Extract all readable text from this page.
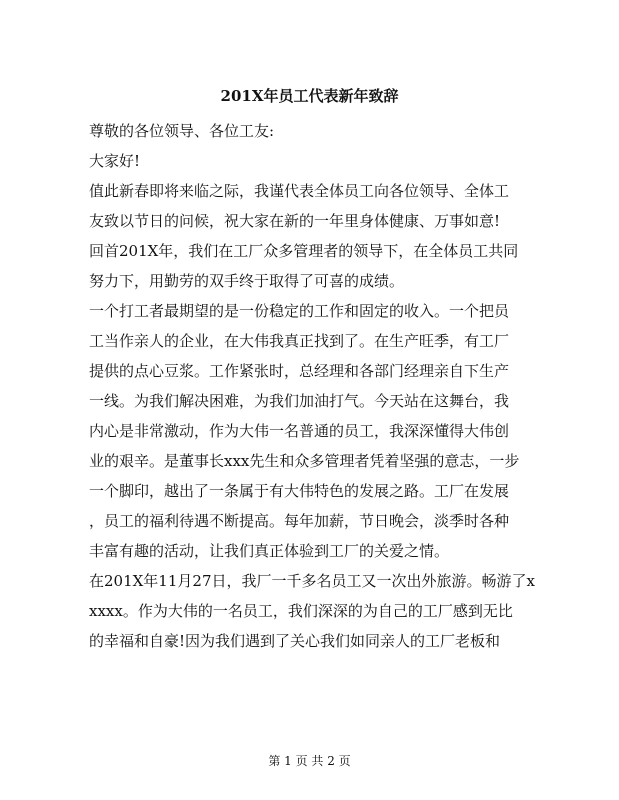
201X年员工代表新年致辞
尊敬的各位领导、各位工友:
大家好!
值此新春即将来临之际，我谨代表全体员工向各位领导、全体工
友致以节日的问候，祝大家在新的一年里身体健康、万事如意!
回首201X年，我们在工厂众多管理者的领导下，在全体员工共同
努力下，用勤劳的双手终于取得了可喜的成绩。
一个打工者最期望的是一份稳定的工作和固定的收入。一个把员
工当作亲人的企业，在大伟我真正找到了。在生产旺季，有工厂
提供的点心豆浆。工作紧张时，总经理和各部门经理亲自下生产
一线。为我们解决困难，为我们加油打气。今天站在这舞台，我
内心是非常激动，作为大伟一名普通的员工，我深深懂得大伟创
业的艰辛。是董事长xxx先生和众多管理者凭着坚强的意志，一步
一个脚印，越出了一条属于有大伟特色的发展之路。工厂在发展
，员工的福利待遇不断提高。每年加薪，节日晚会，淡季时各种
丰富有趣的活动，让我们真正体验到工厂的关爱之情。
在201X年11月27日，我厂一千多名员工又一次出外旅游。畅游了x
xxxx。作为大伟的一名员工，我们深深的为自己的工厂感到无比
的幸福和自豪!因为我们遇到了关心我们如同亲人的工厂老板和
第 1 页 共 2 页
